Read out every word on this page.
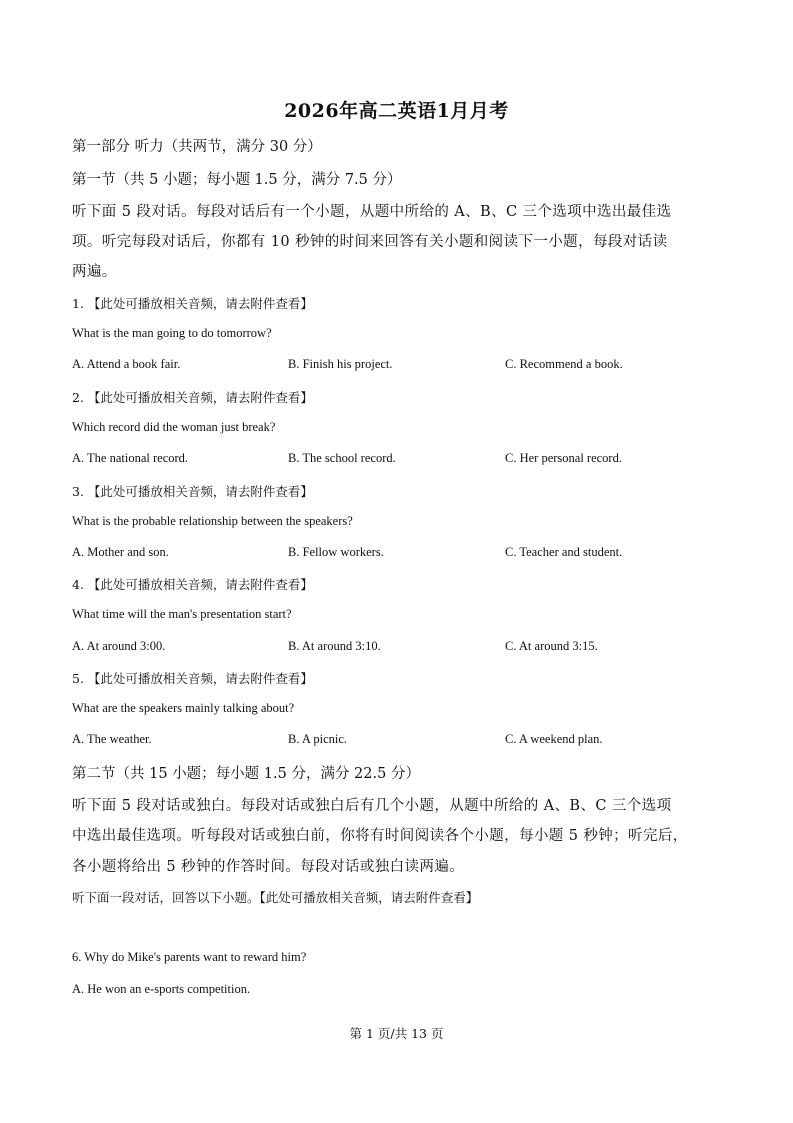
2026年高二英语1月月考
第一部分 听力（共两节，满分 30 分）
第一节（共 5 小题；每小题 1.5 分，满分 7.5 分）
听下面 5 段对话。每段对话后有一个小题，从题中所给的 A、B、C 三个选项中选出最佳选
项。听完每段对话后，你都有 10 秒钟的时间来回答有关小题和阅读下一小题，每段对话读
两遍。
1. 【此处可播放相关音频，请去附件查看】
What is the man going to do tomorrow?
A. Attend a book fair.	B. Finish his project.	C. Recommend a book.
2. 【此处可播放相关音频，请去附件查看】
Which record did the woman just break?
A. The national record.	B. The school record.	C. Her personal record.
3. 【此处可播放相关音频，请去附件查看】
What is the probable relationship between the speakers?
A. Mother and son.	B. Fellow workers.	C. Teacher and student.
4. 【此处可播放相关音频，请去附件查看】
What time will the man's presentation start?
A. At around 3:00.	B. At around 3:10.	C. At around 3:15.
5. 【此处可播放相关音频，请去附件查看】
What are the speakers mainly talking about?
A. The weather.	B. A picnic.	C. A weekend plan.
第二节（共 15 小题；每小题 1.5 分，满分 22.5 分）
听下面 5 段对话或独白。每段对话或独白后有几个小题，从题中所给的 A、B、C 三个选项
中选出最佳选项。听每段对话或独白前，你将有时间阅读各个小题，每小题 5 秒钟；听完后，
各小题将给出 5 秒钟的作答时间。每段对话或独白读两遍。
听下面一段对话，回答以下小题。【此处可播放相关音频，请去附件查看】
6. Why do Mike's parents want to reward him?
A. He won an e-sports competition.
第 1 页/共 13 页
